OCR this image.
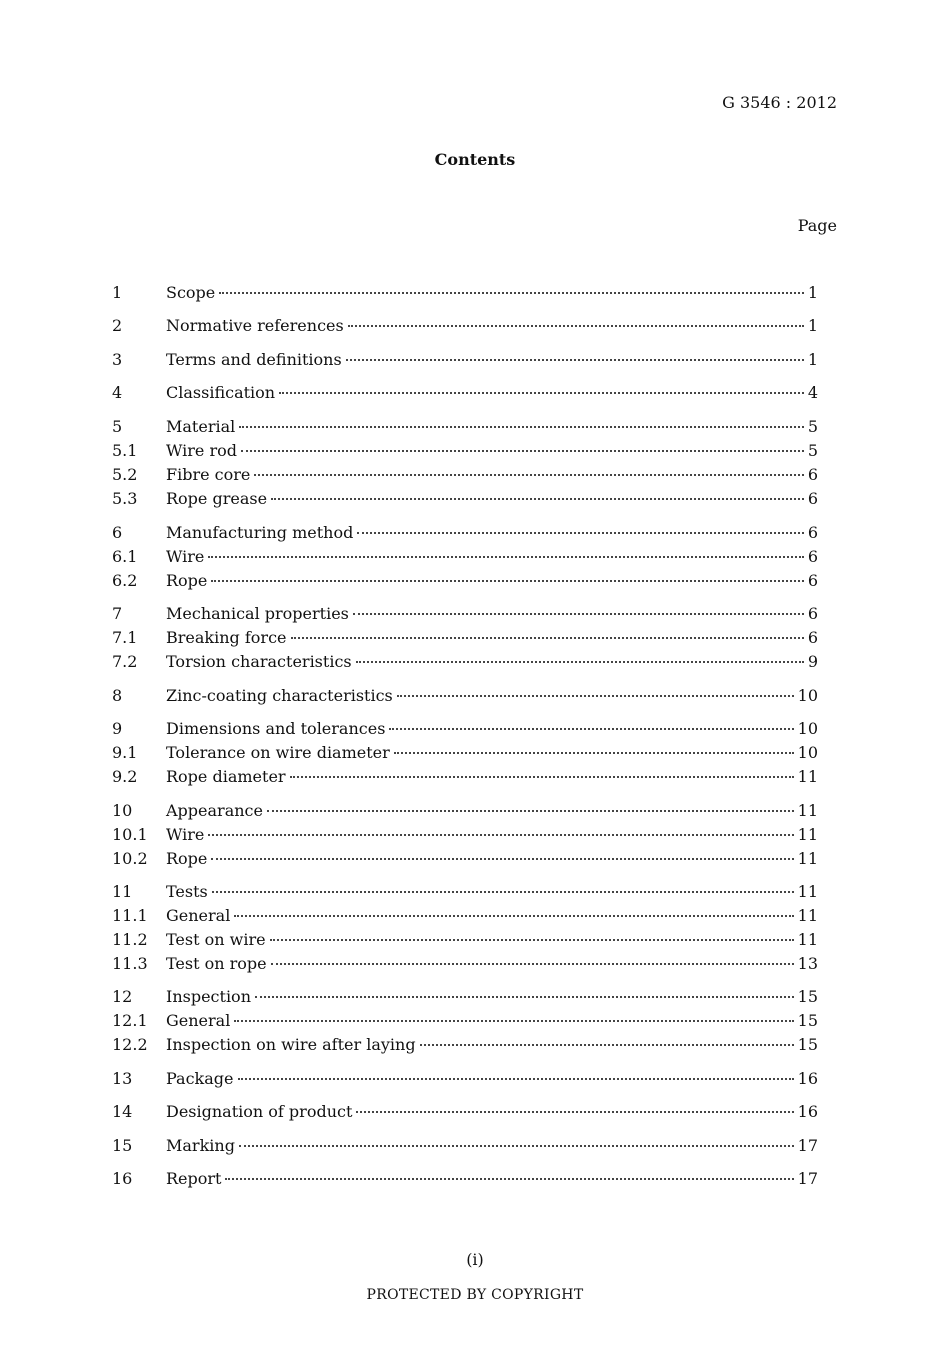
G 3546 : 2012
Contents
Page
1	Scope	1
2	Normative references	1
3	Terms and definitions	1
4	Classification	4
5	Material	5
5.1	Wire rod	5
5.2	Fibre core	6
5.3	Rope grease	6
6	Manufacturing method	6
6.1	Wire	6
6.2	Rope	6
7	Mechanical properties	6
7.1	Breaking force	6
7.2	Torsion characteristics	9
8	Zinc-coating characteristics	10
9	Dimensions and tolerances	10
9.1	Tolerance on wire diameter	10
9.2	Rope diameter	11
10	Appearance	11
10.1	Wire	11
10.2	Rope	11
11	Tests	11
11.1	General	11
11.2	Test on wire	11
11.3	Test on rope	13
12	Inspection	15
12.1	General	15
12.2	Inspection on wire after laying	15
13	Package	16
14	Designation of product	16
15	Marking	17
16	Report	17
(i)
PROTECTED BY COPYRIGHT
